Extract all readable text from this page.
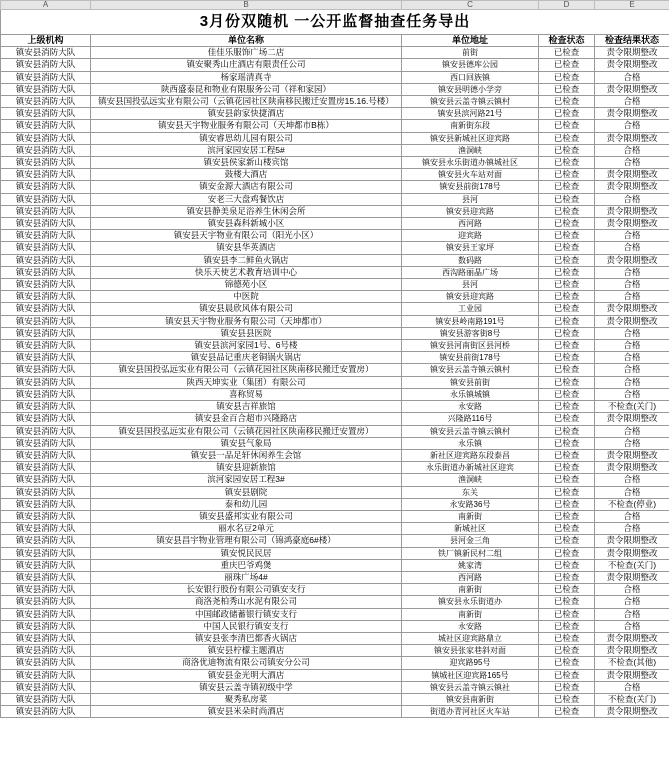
A	B	C	D	E
3月份双随机 一公开监督抽查任务导出				
上级机构	单位名称	单位地址	检查状态	检查结果状态
镇安县消防大队	佳佳乐服饰广场二店	前街	已检查	责令限期整改
镇安县消防大队	镇安聚秀山庄酒店有限责任公司	镇安县德库公园	已检查	责令限期整改
镇安县消防大队	杨家瑶清真寺	西口回族镇	已检查	合格
镇安县消防大队	陕西盛泰昆和物业有限服务公司（祥和家园）	镇安县明德小学旁	已检查	责令限期整改
镇安县消防大队	镇安县国投弘远实业有限公司（云镇花园社区陕南移民搬迁安置房15.16.号楼）	镇安县云盖寺镇云镇村	已检查	合格
镇安县消防大队	镇安县韵家快捷酒店	镇安县滨河路21号	已检查	责令限期整改
镇安县消防大队	镇安县天宇物业服务有限公司（天坤都市B栋）	南新街东段	已检查	合格
镇安县消防大队	镇安睿思幼儿园有限公司	镇安县新城社区迎宾路	已检查	责令限期整改
镇安县消防大队	滨河家园安居工程5#	渔洞峡	已检查	合格
镇安县消防大队	镇安县侯家新山楼宾馆	镇安县永乐街道办镇城社区	已检查	合格
镇安县消防大队	鼓楼大酒店	镇安县火车站对面	已检查	责令限期整改
镇安县消防大队	镇安金源大酒店有限公司	镇安县前街178号	已检查	责令限期整改
镇安县消防大队	安老三大盘鸡餐饮店	县河	已检查	合格
镇安县消防大队	镇安县静美泉足浴养生休闲会所	镇安县迎宾路	已检查	责令限期整改
镇安县消防大队	镇安县森科新城小区	西河路	已检查	责令限期整改
镇安县消防大队	镇安县天宇物业有限公司（阳光小区）	迎宾路	已检查	合格
镇安县消防大队	镇安县华英酒店	镇安县王家坪	已检查	合格
镇安县消防大队	镇安县李二鲜鱼火锅店	数码路	已检查	责令限期整改
镇安县消防大队	快乐天使艺术教育培训中心	西沟路丽晶广场	已检查	合格
镇安县消防大队	锦德苑小区	县河	已检查	合格
镇安县消防大队	中医院	镇安县迎宾路	已检查	合格
镇安县消防大队	镇安县晨欣风体有限公司	工业园	已检查	责令限期整改
镇安县消防大队	镇安县天宇物业服务有限公司（天坤都市）	镇安县岭南路191号	已检查	责令限期整改
镇安县消防大队	镇安县县医院	镇安县游客街8号	已检查	合格
镇安县消防大队	镇安县滨河家园1号、6号楼	镇安县河南街区县河桥	已检查	合格
镇安县消防大队	镇安县品记重庆老铜锅火锅店	镇安县前街178号	已检查	合格
镇安县消防大队	镇安县国投弘远实业有限公司（云镇花园社区陕南移民搬迁安置房）	镇安县云盖寺镇云镇村	已检查	合格
镇安县消防大队	陕西天坤实业（集团）有限公司	镇安县前街	已检查	合格
镇安县消防大队	喜称贸易	永乐镇城镇	已检查	合格
镇安县消防大队	镇安县吉祥旅馆	永安路	已检查	不检查(关门)
镇安县消防大队	镇安县金百合超市兴隆路店	兴隆路116号	已检查	责令限期整改
镇安县消防大队	镇安县国投弘远实业有限公司（云镇花园社区陕南移民搬迁安置房）	镇安县云盖寺镇云镇村	已检查	合格
镇安县消防大队	镇安县气象局	永乐镇	已检查	合格
镇安县消防大队	镇安县一品足轩休闲养生会馆	新社区迎宾路东段泰昌	已检查	责令限期整改
镇安县消防大队	镇安县迎新旅馆	永乐街道办新城社区迎宾	已检查	责令限期整改
镇安县消防大队	滨河家园安居工程3#	渔洞峡	已检查	合格
镇安县消防大队	镇安县剧院	东关	已检查	合格
镇安县消防大队	泰和幼儿园	永安路36号	已检查	不检查(停业)
镇安县消防大队	镇安县盛邦实业有限公司	南新街	已检查	合格
镇安县消防大队	丽水名豆2单元	新城社区	已检查	合格
镇安县消防大队	镇安县昌宇物业管理有限公司（锦鸿豪庭6#楼）	县河金三角	已检查	责令限期整改
镇安县消防大队	镇安悦民民居	铁厂镇新民村二组	已检查	责令限期整改
镇安县消防大队	重庆巴爷鸡煲	姚家湾	已检查	不检查(关门)
镇安县消防大队	丽珠广场4#	西河路	已检查	责令限期整改
镇安县消防大队	长安银行股份有限公司镇安支行	南新街	已检查	合格
镇安县消防大队	商洛尧柏秀山水泥有限公司	镇安县永乐街道办	已检查	合格
镇安县消防大队	中国邮政储蓄银行镇安支行	南新街	已检查	合格
镇安县消防大队	中国人民银行镇安支行	永安路	已检查	合格
镇安县消防大队	镇安县张李清巴都香火锅店	城社区迎宾路鼎立	已检查	责令限期整改
镇安县消防大队	镇安县柠檬主题酒店	镇安县张家巷斜对面	已检查	责令限期整改
镇安县消防大队	商洛优迪物流有限公司镇安分公司	迎宾路95号	已检查	不检查(其他)
镇安县消防大队	镇安县金光明大酒店	镇城社区迎宾路165号	已检查	责令限期整改
镇安县消防大队	镇安县云盖寺镇初级中学	镇安县云盖寺镇云镇社	已检查	合格
镇安县消防大队	聚秀私房菜	镇安县南新街	已检查	不检查(关门)
镇安县消防大队	镇安县米朵时尚酒店	街道办青河社区火车站	已检查	责令限期整改
